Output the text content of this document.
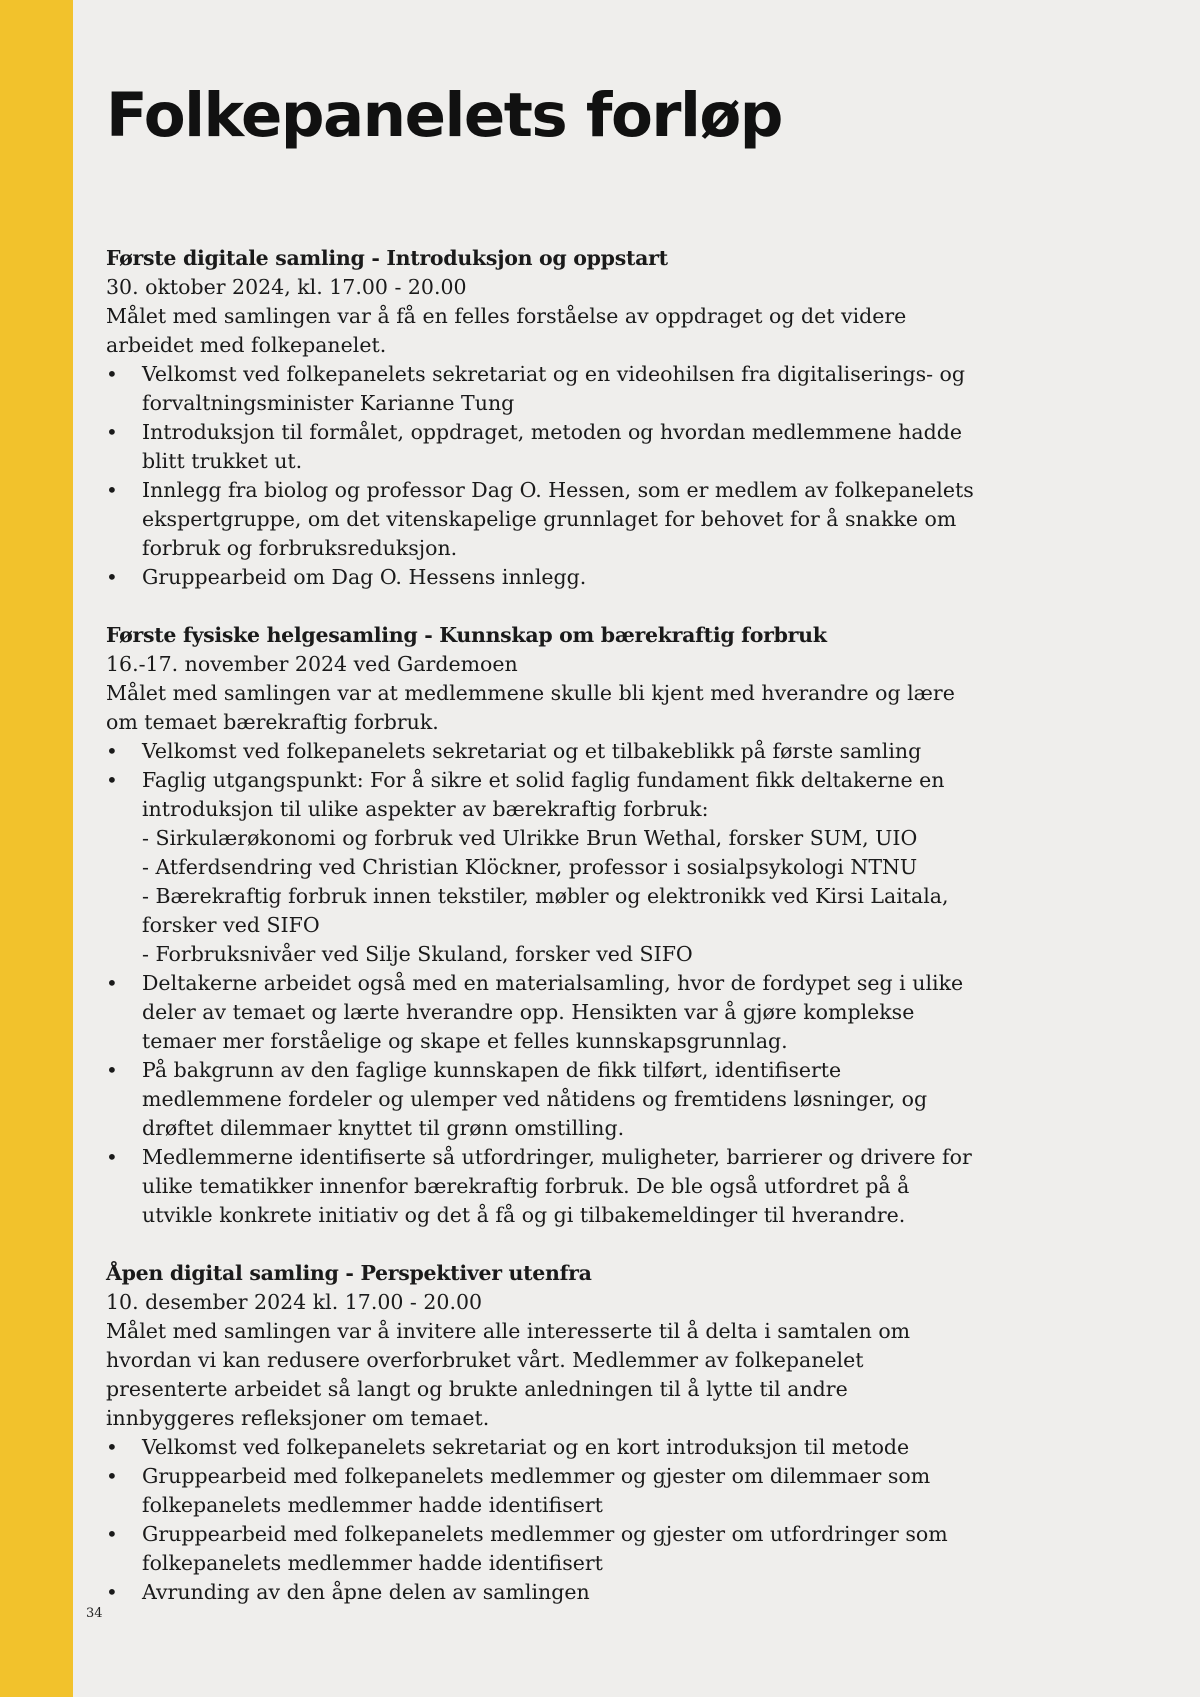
Folkepanelets forløp

Første digitale samling - Introduksjon og oppstart

30. oktober 2024, kl. 17.00 - 20.00

Målet med samlingen var å få en felles forståelse av oppdraget og det videre arbeidet med folkepanelet.

• Velkomst ved folkepanelets sekretariat og en videohilsen fra digitaliserings- og forvaltningsminister Karianne Tung
• Introduksjon til formålet, oppdraget, metoden og hvordan medlemmene hadde blitt trukket ut.
• Innlegg fra biolog og professor Dag O. Hessen, som er medlem av folkepanelets ekspertgruppe, om det vitenskapelige grunnlaget for behovet for å snakke om forbruk og forbruksreduksjon.
• Gruppearbeid om Dag O. Hessens innlegg.

Første fysiske helgesamling - Kunnskap om bærekraftig forbruk

16.-17. november 2024 ved Gardemoen

Målet med samlingen var at medlemmene skulle bli kjent med hverandre og lære om temaet bærekraftig forbruk.

• Velkomst ved folkepanelets sekretariat og et tilbakeblikk på første samling
• Faglig utgangspunkt: For å sikre et solid faglig fundament fikk deltakerne en introduksjon til ulike aspekter av bærekraftig forbruk:
- Sirkulærøkonomi og forbruk ved Ulrikke Brun Wethal, forsker SUM, UIO
- Atferdsendring ved Christian Klöckner, professor i sosialpsykologi NTNU
- Bærekraftig forbruk innen tekstiler, møbler og elektronikk ved Kirsi Laitala, forsker ved SIFO
- Forbruksnivåer ved Silje Skuland, forsker ved SIFO
• Deltakerne arbeidet også med en materialsamling, hvor de fordypet seg i ulike deler av temaet og lærte hverandre opp. Hensikten var å gjøre komplekse temaer mer forståelige og skape et felles kunnskapsgrunnlag.
• På bakgrunn av den faglige kunnskapen de fikk tilført, identifiserte medlemmene fordeler og ulemper ved nåtidens og fremtidens løsninger, og drøftet dilemmaer knyttet til grønn omstilling.
• Medlemmerne identifiserte så utfordringer, muligheter, barrierer og drivere for ulike tematikker innenfor bærekraftig forbruk. De ble også utfordret på å utvikle konkrete initiativ og det å få og gi tilbakemeldinger til hverandre.

Åpen digital samling - Perspektiver utenfra

10. desember 2024 kl. 17.00 - 20.00

Målet med samlingen var å invitere alle interesserte til å delta i samtalen om hvordan vi kan redusere overforbruket vårt. Medlemmer av folkepanelet presenterte arbeidet så langt og brukte anledningen til å lytte til andre innbyggeres refleksjoner om temaet.

• Velkomst ved folkepanelets sekretariat og en kort introduksjon til metode
• Gruppearbeid med folkepanelets medlemmer og gjester om dilemmaer som folkepanelets medlemmer hadde identifisert
• Gruppearbeid med folkepanelets medlemmer og gjester om utfordringer som folkepanelets medlemmer hadde identifisert
• Avrunding av den åpne delen av samlingen
34
